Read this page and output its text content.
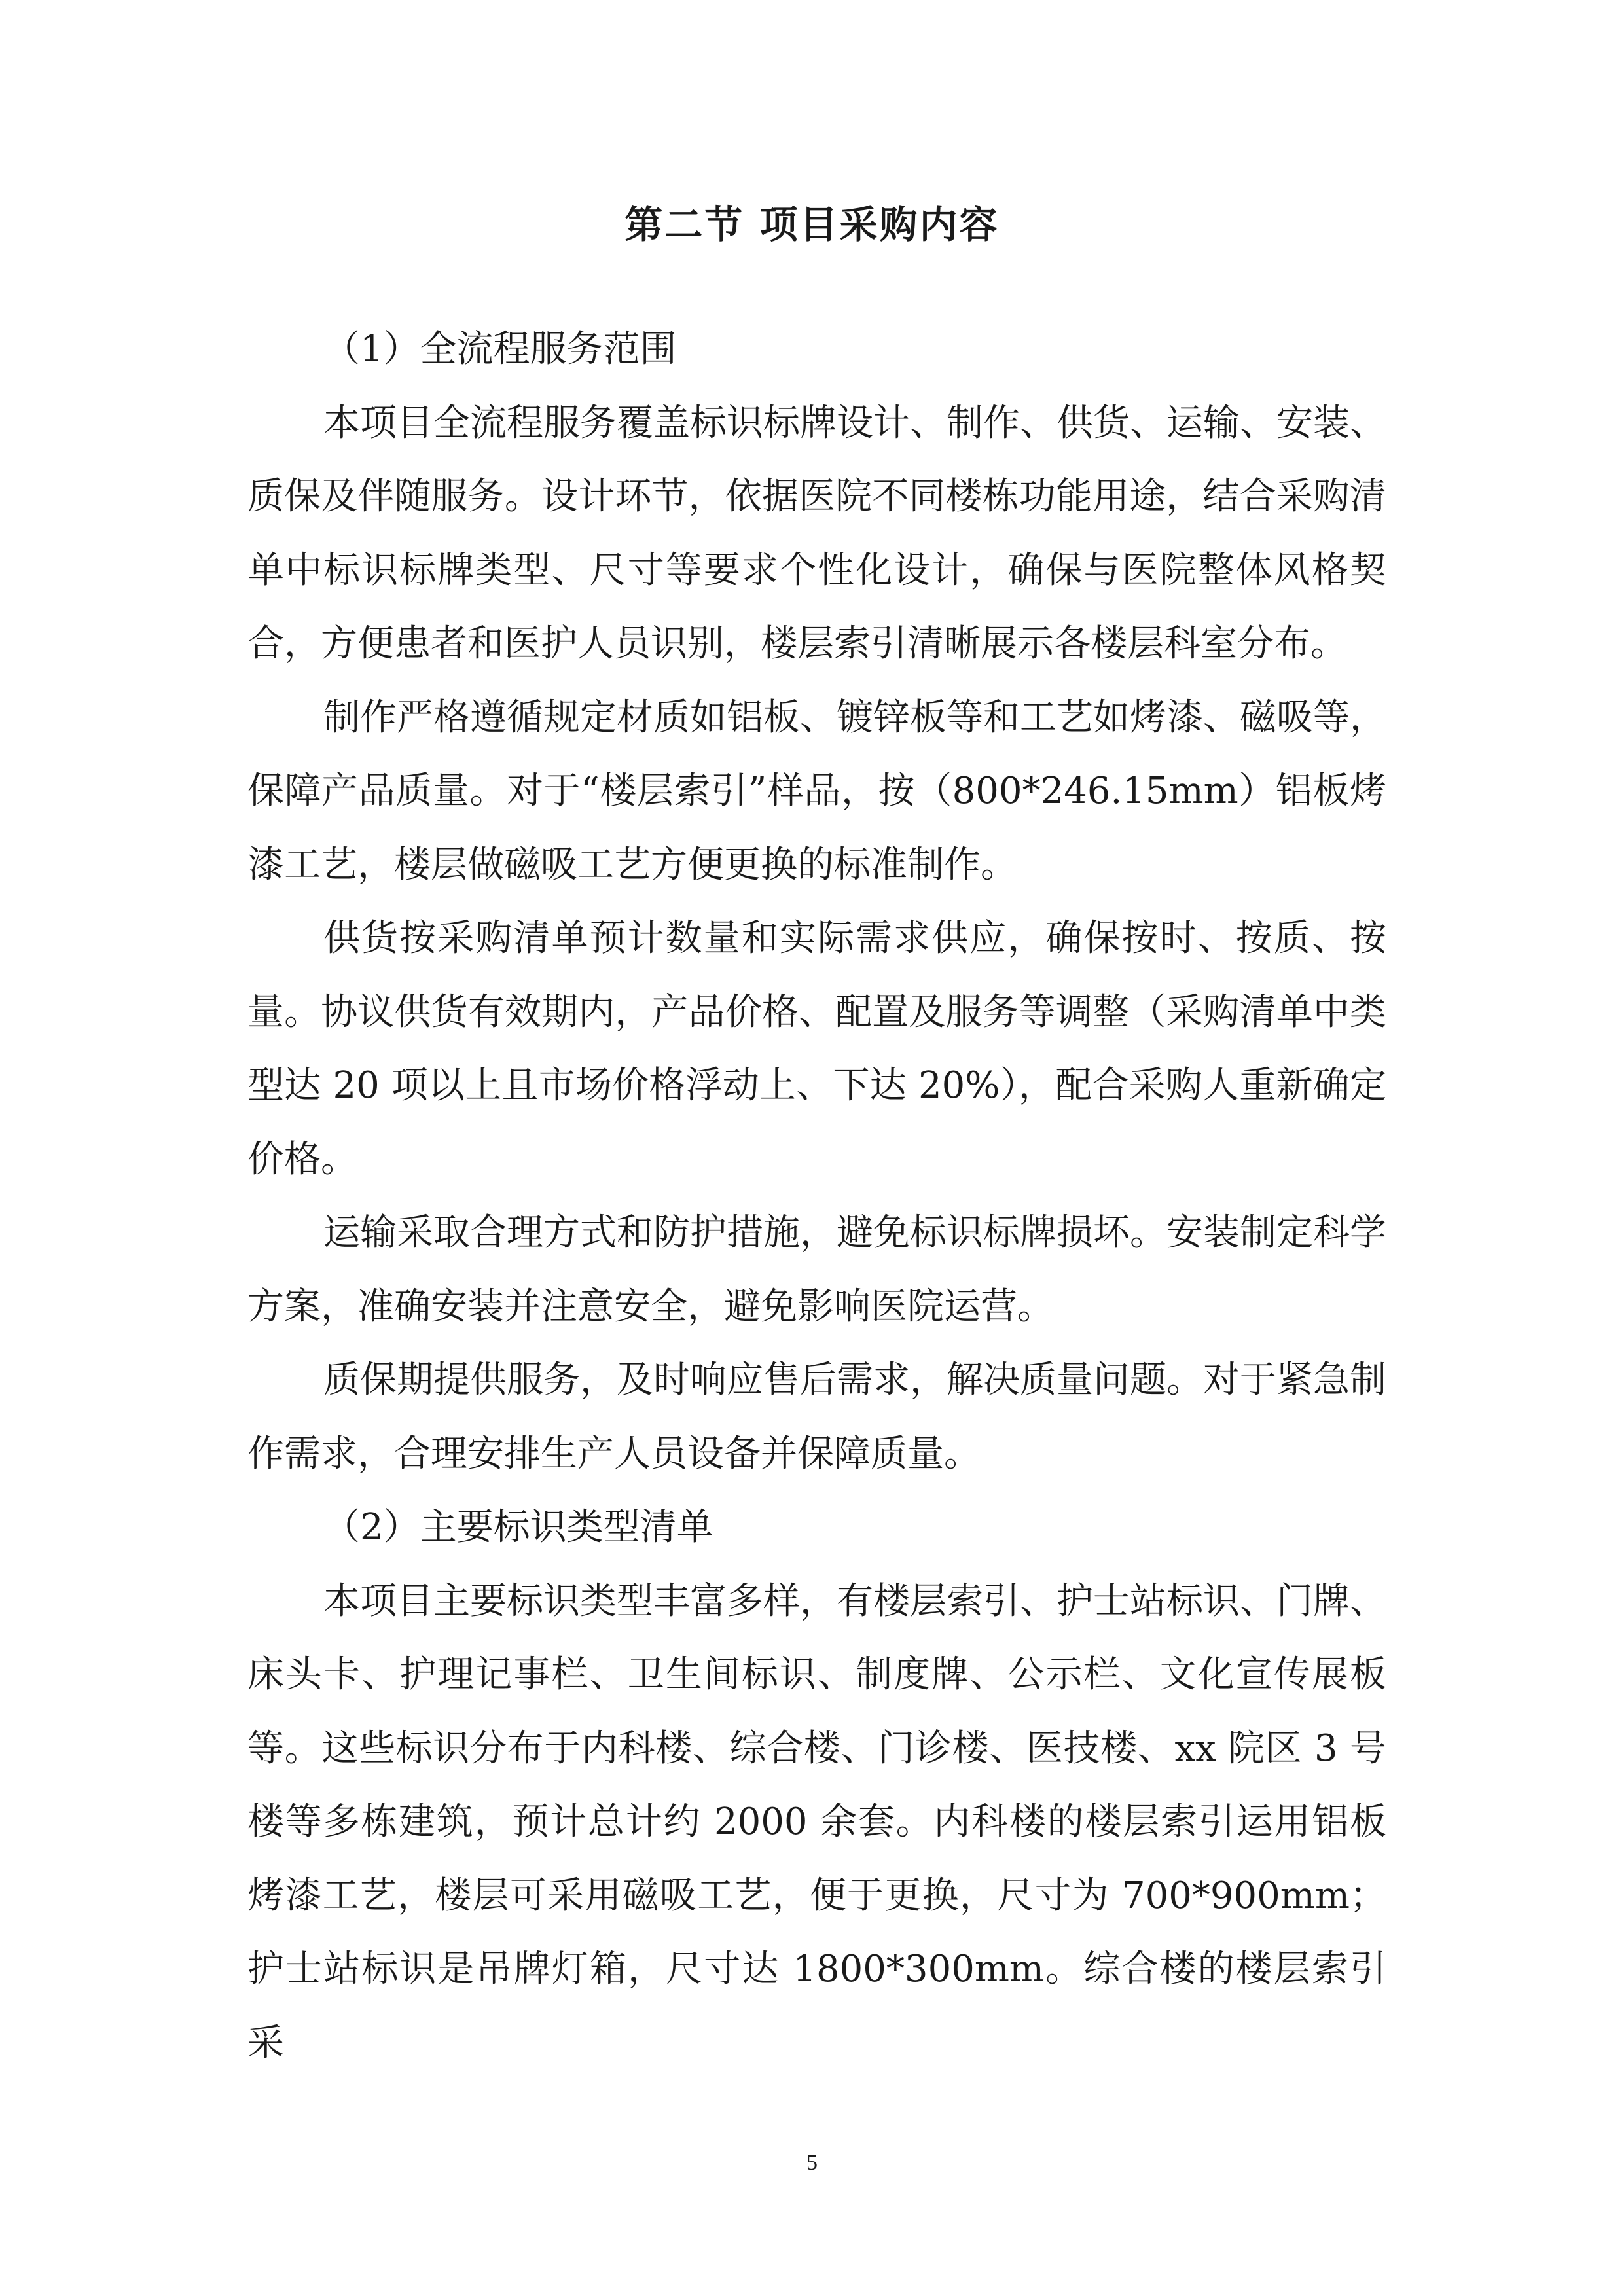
第二节 项目采购内容

（1）全流程服务范围

本项目全流程服务覆盖标识标牌设计、制作、供货、运输、安装、质保及伴随服务。设计环节，依据医院不同楼栋功能用途，结合采购清单中标识标牌类型、尺寸等要求个性化设计，确保与医院整体风格契合，方便患者和医护人员识别，楼层索引清晰展示各楼层科室分布。

制作严格遵循规定材质如铝板、镀锌板等和工艺如烤漆、磁吸等，保障产品质量。对于“楼层索引”样品，按（800*246.15mm）铝板烤漆工艺，楼层做磁吸工艺方便更换的标准制作。

供货按采购清单预计数量和实际需求供应，确保按时、按质、按量。协议供货有效期内，产品价格、配置及服务等调整（采购清单中类型达 20 项以上且市场价格浮动上、下达 20%），配合采购人重新确定价格。

运输采取合理方式和防护措施，避免标识标牌损坏。安装制定科学方案，准确安装并注意安全，避免影响医院运营。

质保期提供服务，及时响应售后需求，解决质量问题。对于紧急制作需求，合理安排生产人员设备并保障质量。

（2）主要标识类型清单

本项目主要标识类型丰富多样，有楼层索引、护士站标识、门牌、床头卡、护理记事栏、卫生间标识、制度牌、公示栏、文化宣传展板等。这些标识分布于内科楼、综合楼、门诊楼、医技楼、xx 院区 3 号楼等多栋建筑，预计总计约 2000 余套。内科楼的楼层索引运用铝板烤漆工艺，楼层可采用磁吸工艺，便于更换，尺寸为 700*900mm；护士站标识是吊牌灯箱，尺寸达 1800*300mm。综合楼的楼层索引采

5
